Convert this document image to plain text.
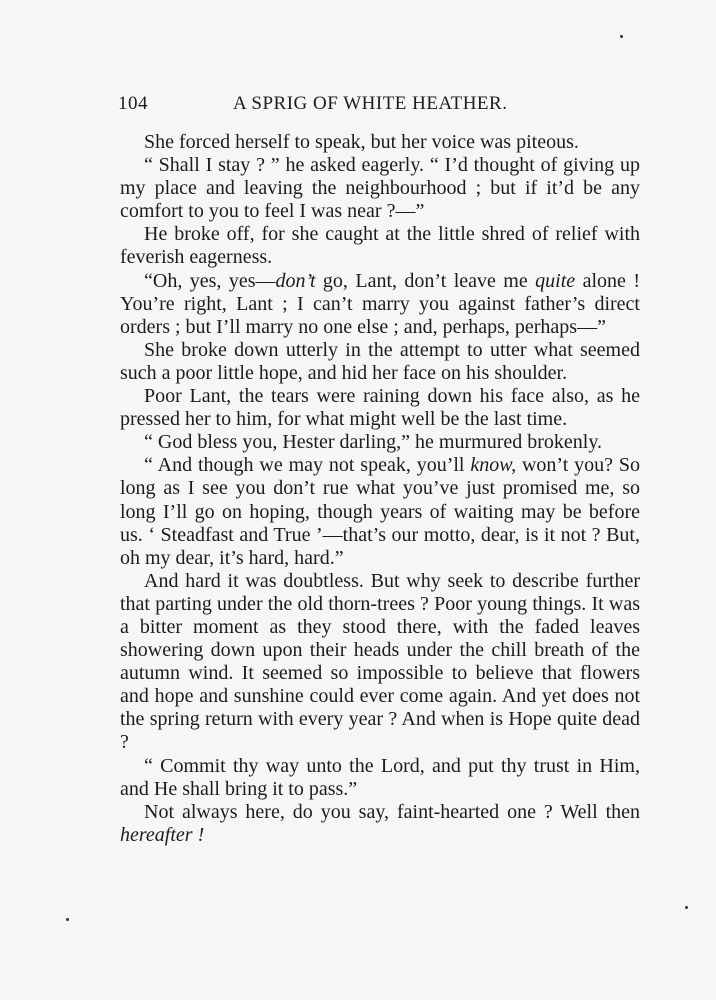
104	A SPRIG OF WHITE HEATHER.

She forced herself to speak, but her voice was piteous.

“ Shall I stay ? ” he asked eagerly. “ I’d thought of giving up my place and leaving the neighbourhood ; but if it’d be any comfort to you to feel I was near ?—”

He broke off, for she caught at the little shred of relief with feverish eagerness.

“Oh, yes, yes—don’t go, Lant, don’t leave me quite alone ! You’re right, Lant ; I can’t marry you against father’s direct orders ; but I’ll marry no one else ; and, perhaps, perhaps—”

She broke down utterly in the attempt to utter what seemed such a poor little hope, and hid her face on his shoulder.

Poor Lant, the tears were raining down his face also, as he pressed her to him, for what might well be the last time.

“ God bless you, Hester darling,” he murmured brokenly.

“ And though we may not speak, you’ll know, won’t you? So long as I see you don’t rue what you’ve just promised me, so long I’ll go on hoping, though years of waiting may be before us. ‘ Steadfast and True ’—that’s our motto, dear, is it not ? But, oh my dear, it’s hard, hard.”

And hard it was doubtless. But why seek to describe further that parting under the old thorn-trees ? Poor young things. It was a bitter moment as they stood there, with the faded leaves showering down upon their heads under the chill breath of the autumn wind. It seemed so impossible to believe that flowers and hope and sunshine could ever come again. And yet does not the spring return with every year ? And when is Hope quite dead ?

“ Commit thy way unto the Lord, and put thy trust in Him, and He shall bring it to pass.”

Not always here, do you say, faint-hearted one ? Well then hereafter !
